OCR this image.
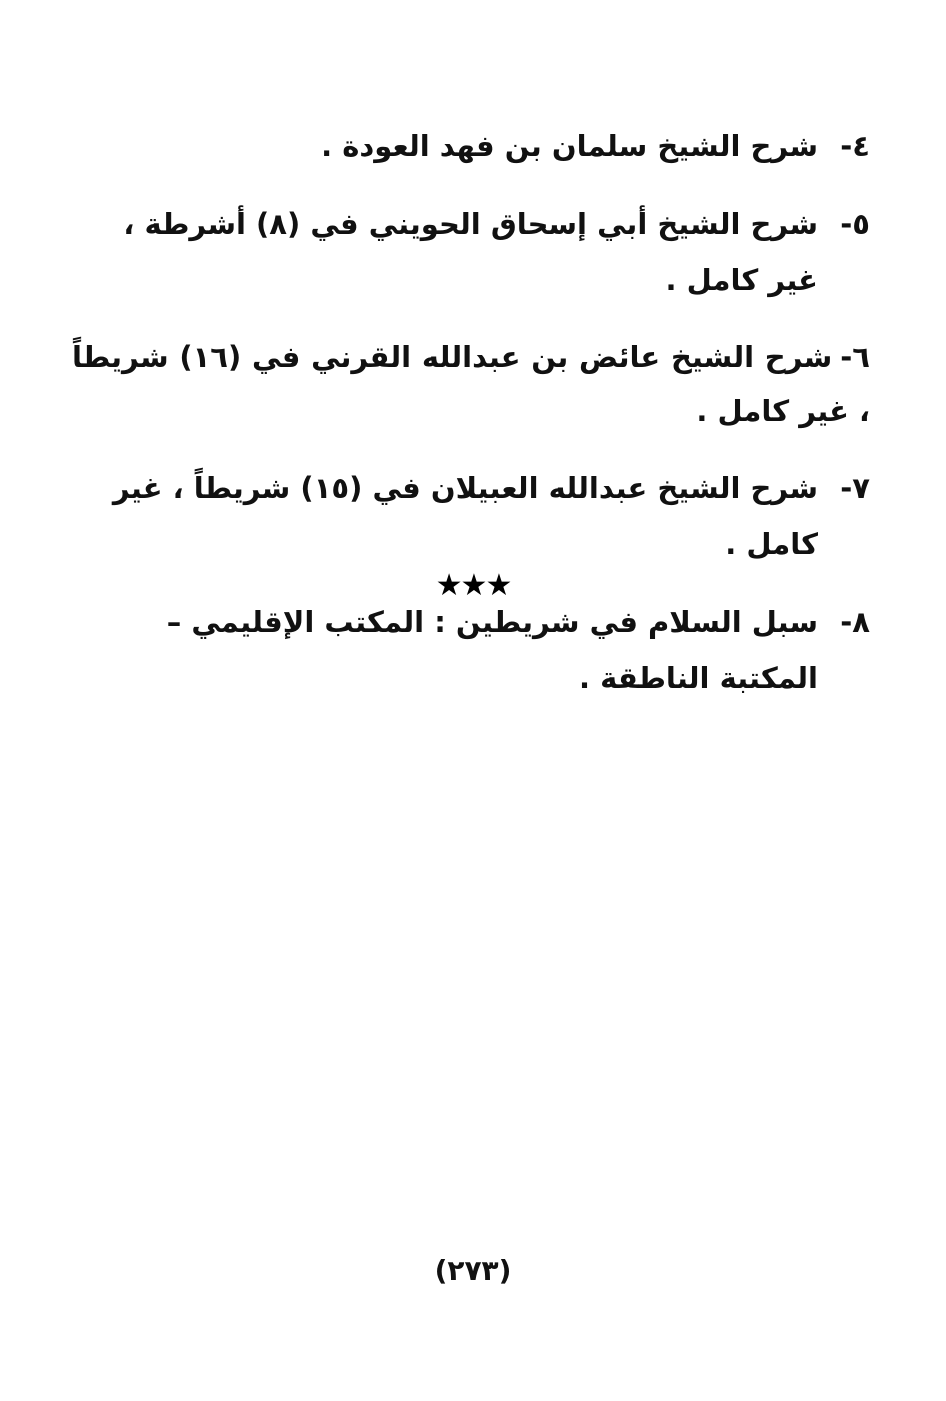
٤-شرح الشيخ سلمان بن فهد العودة .

٥-شرح الشيخ أبي إسحاق الحويني في (٨) أشرطة ، غير كامل .

٦-شرح الشيخ عائض بن عبدالله القرني في (١٦) شريطاً ، غير كامل .

٧-شرح الشيخ عبدالله العبيلان في (١٥) شريطاً ، غير كامل .

٨-سبل السلام في شريطين : المكتب الإقليمي – المكتبة الناطقة .

★★★
(٢٧٣)
